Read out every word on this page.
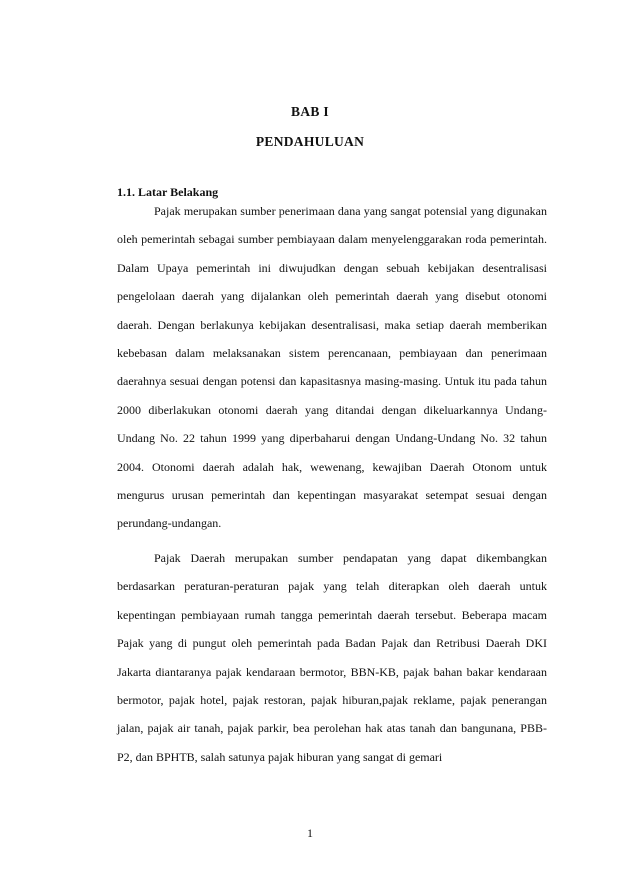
BAB I
PENDAHULUAN
1.1. Latar Belakang

Pajak merupakan sumber penerimaan dana yang sangat potensial yang digunakan oleh pemerintah sebagai sumber pembiayaan dalam menyelenggarakan roda pemerintah. Dalam Upaya pemerintah ini diwujudkan dengan sebuah kebijakan desentralisasi pengelolaan daerah yang dijalankan oleh pemerintah daerah yang disebut otonomi daerah. Dengan berlakunya kebijakan desentralisasi, maka setiap daerah memberikan kebebasan dalam melaksanakan sistem perencanaan, pembiayaan dan penerimaan daerahnya sesuai dengan potensi dan kapasitasnya masing-masing. Untuk itu pada tahun 2000 diberlakukan otonomi daerah yang ditandai dengan dikeluarkannya Undang-Undang No. 22 tahun 1999 yang diperbaharui dengan Undang-Undang No. 32 tahun 2004. Otonomi daerah adalah hak, wewenang, kewajiban Daerah Otonom untuk mengurus urusan pemerintah dan kepentingan masyarakat setempat sesuai dengan perundang-undangan.

Pajak Daerah merupakan sumber pendapatan yang dapat dikembangkan berdasarkan peraturan-peraturan pajak yang telah diterapkan oleh daerah untuk kepentingan pembiayaan rumah tangga pemerintah daerah tersebut. Beberapa macam Pajak yang di pungut oleh pemerintah pada Badan Pajak dan Retribusi Daerah DKI Jakarta diantaranya pajak kendaraan bermotor, BBN-KB, pajak bahan bakar kendaraan bermotor, pajak hotel, pajak restoran, pajak hiburan,pajak reklame, pajak penerangan jalan, pajak air tanah, pajak parkir, bea perolehan hak atas tanah dan bangunana, PBB-P2, dan BPHTB, salah satunya pajak hiburan yang sangat di gemari

1
